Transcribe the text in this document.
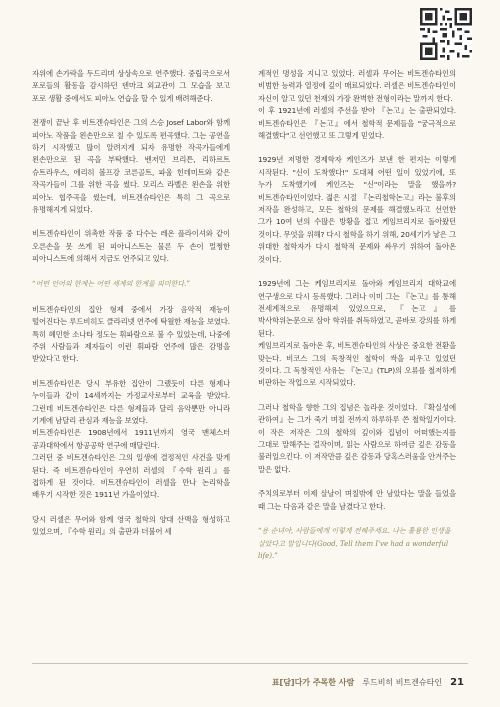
자위에 손가락을 두드리며 상상속으로 연주했다. 중립국으로서 포로들의 활동을 감시하던 덴마크 외교관이 그 모습을 보고 포로 생활 중에서도 피아노 연습을 할 수 있게 배려해준다.

전쟁이 끝난 후 비트겐슈타인은 그의 스승 Josef Labor와 함께 피아노 작품을 왼손만으로 칠 수 있도록 편곡했다. 그는 공연을 하기 시작했고 많이 알려지게 되자 유명한 작곡가들에게 왼손만으로 된 곡을 부탁했다. 벤저민 브리튼, 리하르트 슈트라우스, 에리히 볼프강 코른골트, 파울 힌데미트와 같은 작곡가들이 그를 위한 곡을 썼다. 모리스 라벨은 왼손을 위한 피아노 협주곡을 썼는데, 비트겐슈타인은 특히 그 곡으로 유명해지게 되었다.

비트겐슈타인이 위촉한 작품 중 다수는 레온 플라이셔와 같이 오른손을 못 쓰게 된 피아니스트는 물론 두 손이 멀쩡한 피아니스트에 의해서 지금도 연주되고 있다.

“어떤 언어의 한계는 어떤 세계의 한계를 의미한다.”

비트겐슈타인의 집안 형제 중에서 가장 음악적 재능이 떨어진다는 루드비히도 클라리넷 연주에 탁월한 재능을 보였다. 특히 혜민한 소나타 정도는 휘파람으로 불 수 있었는데, 나중에 주위 사람들과 제자들이 이런 휘파람 연주에 많은 감명을 받았다고 한다.

비트겐슈타인은 당시 부유한 집안이 그랬듯이 다른 형제나 누이들과 같이 14세까지는 가정교사로부터 교육을 받았다. 그런데 비트겐슈타인은 다른 형제들과 달리 음악뿐만 아니라 기계에 남달리 관심과 재능을 보였다.

비트겐슈타인은 1908년에서 1911년까지 영국 맨체스터 공과대학에서 항공공학 연구에 매달린다.

그러던 중 비트겐슈타인은 그의 일생에 결정적인 사건을 맞게 된다. 즉 비트겐슈타인이 우연히 러셀의 『수학 원리』를 접하게 된 것이다. 비트겐슈타인이 러셀을 만나 논리학을 배우기 시작한 것은 1911년 가을이었다.

당시 러셀은 무어와 함께 영국 철학의 양대 산맥을 형성하고 있었으며, 『수학 원리』의 출판과 더불어 세

계적인 명성을 지니고 있었다. 러셀과 무어는 비트겐슈타인의 비범한 능력과 열정에 깊이 매료되었다. 러셀은 비트겐슈타인이 자신이 알고 있던 천재의 가장 완벽한 전형이라는 말까지 한다.

이 후 1921년에 러셀의 주선을 받아 『논고』는 출판되었다. 비트겐슈타인은 『논고』에서 철학적 문제들을 "궁극적으로 해결했다"고 선언했고 또 그렇게 믿었다.

1929년 저명한 경제학자 케인즈가 보낸 한 편지는 이렇게 시작된다. "신이 도착했다!" 도대체 어떤 일이 있었기에, 또 누가 도착했기에 케인즈는 "신"이라는 말을 했을까? 비트겐슈타인이었다. 젊은 시절 『논리철학논고』라는 불후의 저작을 완성하고, 모든 철학의 문제를 해결했노라고 선언한 그가 10여 년의 수많은 방황을 접고 케임브리지로 돌아왔던 것이다. 무엇을 위해? 다시 철학을 하기 위해, 20세기가 낳은 그 위대한 철학자가 다시 철학적 문제와 싸우기 위하여 돌아온 것이다.

1929년에 그는 케임브리지로 돌아와 케임브리지 대학교에 연구생으로 다시 등록했다. 그러나 이미 그는 『논고』를 통해 전세계적으로 유명해져 있었으므로, 『논고』를 박사학위논문으로 삼아 학위를 취득하였고, 곧바로 강의를 하게 된다.

케임브리지로 돌아온 후, 비트겐슈타인의 사상은 중요한 전환을 맞는다. 비코스 그의 독창적인 철학이 싹을 피우고 있었던 것이다. 그 독창적인 사유는 『논고』(TLP)의 오류를 철저하게 비판하는 작업으로 시작되었다.

그러나 철학을 향한 그의 집념은 놀라운 것이었다. 『확실성에 관하여』는 그가 죽기 며칠 전까지 하루하루 쓴 철학일기이다. 이 작은 저작은 그의 철학의 깊이와 집념이 어떠했는지를 그대로 말해주는 걸작이며, 읽는 사람으로 하여금 깊은 감동을 불러일으킨다. 이 저작만큼 깊은 감동과 당혹스러움을 안겨주는 말은 없다.

주치의로부터 이제 살날이 며칠밖에 안 남았다는 말을 들었을 때 그는 다음과 같은 말을 남겼다고 한다.

“용 순녀야, 사람들에게 이렇게 전해주세요. 나는 훌륭한 인생을 살았다고 말입니다(Good, Tell them I've had a wonderful life).”

표[담]다가 주목한 사람 루드비히 비트겐슈타인 21
